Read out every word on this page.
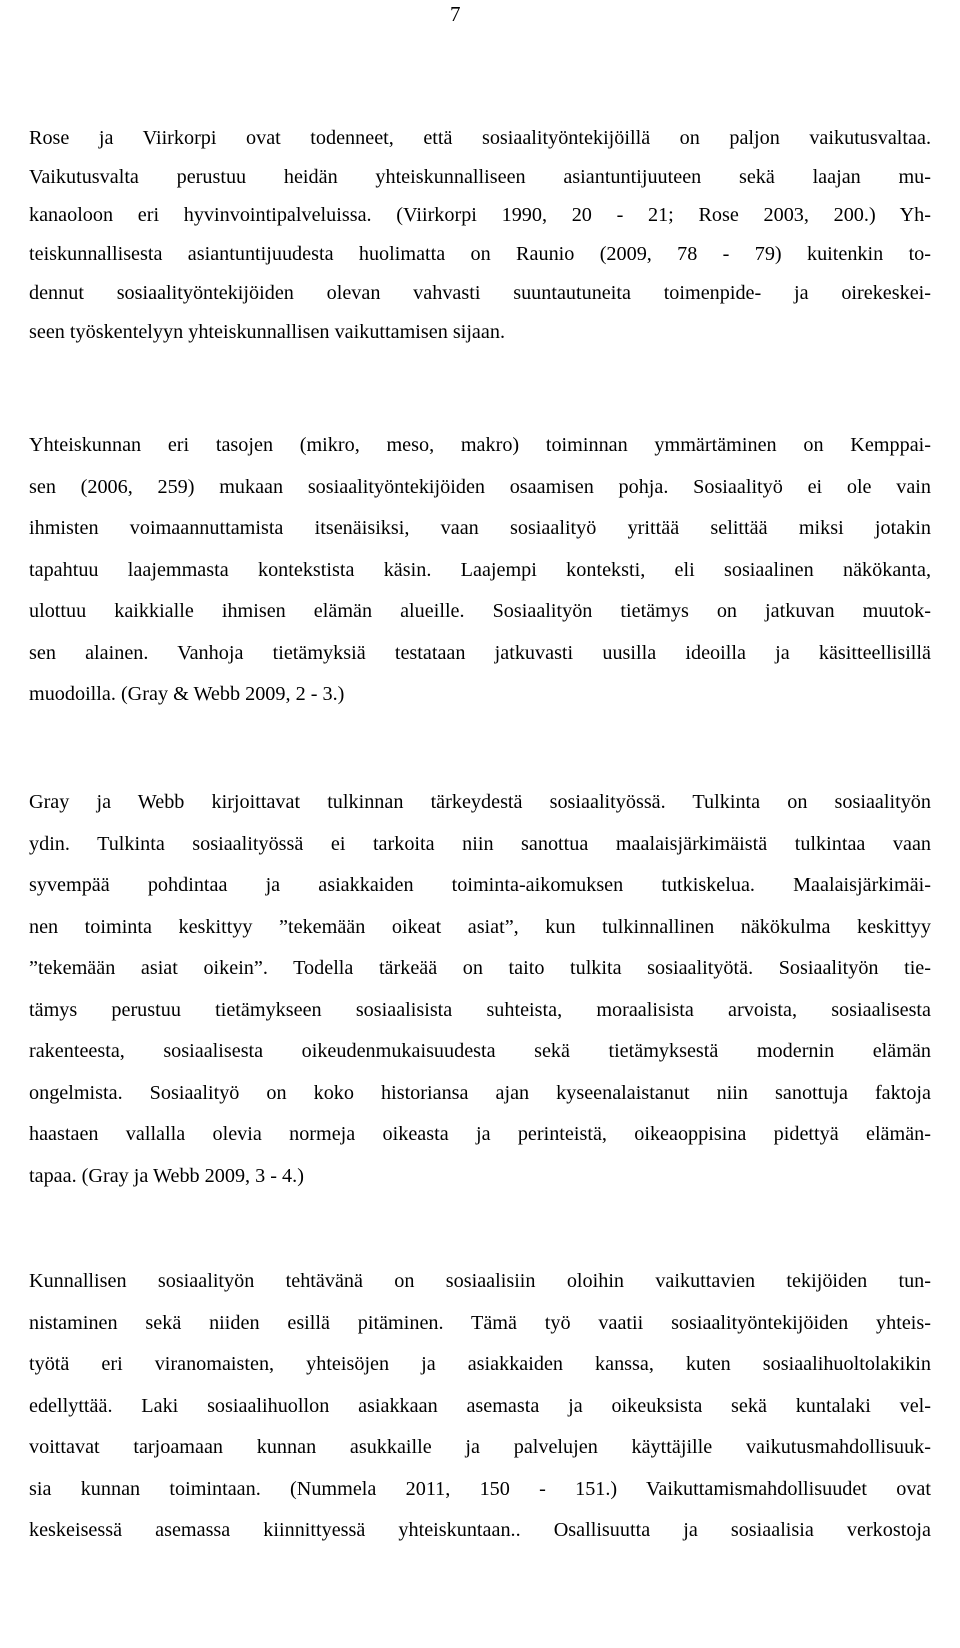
7

Rose ja Viirkorpi ovat todenneet, että sosiaalityöntekijöillä on paljon vaikutusvaltaa.
Vaikutusvalta perustuu heidän yhteiskunnalliseen asiantuntijuuteen sekä laajan mu-
kanaoloon eri hyvinvointipalveluissa. (Viirkorpi 1990, 20 - 21; Rose 2003, 200.) Yh-
teiskunnallisesta asiantuntijuudesta huolimatta on Raunio (2009, 78 - 79) kuitenkin to-
dennut sosiaalityöntekijöiden olevan vahvasti suuntautuneita toimenpide- ja oirekeskei-
seen työskentelyyn yhteiskunnallisen vaikuttamisen sijaan.

Yhteiskunnan eri tasojen (mikro, meso, makro) toiminnan ymmärtäminen on Kemppai-
sen (2006, 259) mukaan sosiaalityöntekijöiden osaamisen pohja. Sosiaalityö ei ole vain
ihmisten voimaannuttamista itsenäisiksi, vaan sosiaalityö yrittää selittää miksi jotakin
tapahtuu laajemmasta kontekstista käsin. Laajempi konteksti, eli sosiaalinen näkökanta,
ulottuu kaikkialle ihmisen elämän alueille. Sosiaalityön tietämys on jatkuvan muutok-
sen alainen. Vanhoja tietämyksiä testataan jatkuvasti uusilla ideoilla ja käsitteellisillä
muodoilla. (Gray & Webb 2009, 2 - 3.)

Gray ja Webb kirjoittavat tulkinnan tärkeydestä sosiaalityössä. Tulkinta on sosiaalityön
ydin. Tulkinta sosiaalityössä ei tarkoita niin sanottua maalaisjärkimäistä tulkintaa vaan
syvempää pohdintaa ja asiakkaiden toiminta-aikomuksen tutkiskelua. Maalaisjärkimäi-
nen toiminta keskittyy ”tekemään oikeat asiat”, kun tulkinnallinen näkökulma keskittyy
”tekemään asiat oikein”. Todella tärkeää on taito tulkita sosiaalityötä. Sosiaalityön tie-
tämys perustuu tietämykseen sosiaalisista suhteista, moraalisista arvoista, sosiaalisesta
rakenteesta, sosiaalisesta oikeudenmukaisuudesta sekä tietämyksestä modernin elämän
ongelmista. Sosiaalityö on koko historiansa ajan kyseenalaistanut niin sanottuja faktoja
haastaen vallalla olevia normeja oikeasta ja perinteistä, oikeaoppisina pidettyä elämän-
tapaa. (Gray ja Webb 2009, 3 - 4.)

Kunnallisen sosiaalityön tehtävänä on sosiaalisiin oloihin vaikuttavien tekijöiden tun-
nistaminen sekä niiden esillä pitäminen. Tämä työ vaatii sosiaalityöntekijöiden yhteis-
työtä eri viranomaisten, yhteisöjen ja asiakkaiden kanssa, kuten sosiaalihuoltolakikin
edellyttää. Laki sosiaalihuollon asiakkaan asemasta ja oikeuksista sekä kuntalaki vel-
voittavat tarjoamaan kunnan asukkaille ja palvelujen käyttäjille vaikutusmahdollisuuk-
sia kunnan toimintaan. (Nummela 2011, 150 - 151.) Vaikuttamismahdollisuudet ovat
keskeisessä asemassa kiinnittyessä yhteiskuntaan.. Osallisuutta ja sosiaalisia verkostoja
